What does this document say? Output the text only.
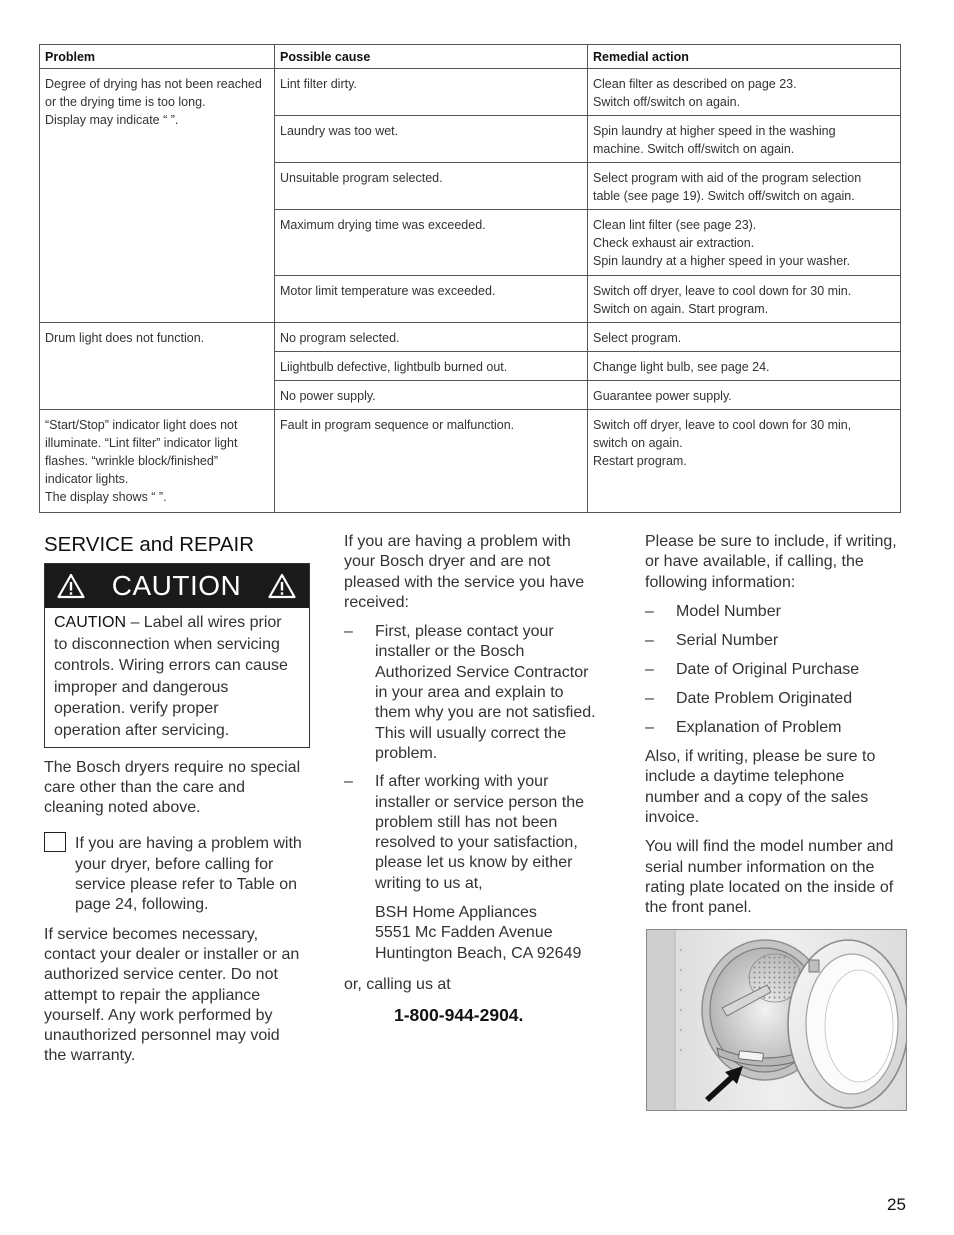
Problem	Possible cause	Remedial action

Degree of drying has not been reached
or the drying time is too long.
Display may indicate “ ”.	Lint filter dirty.	Clean filter as described on page 23.
Switch off/switch on again.

	Laundry was too wet.	Spin laundry at higher speed in the washing
machine. Switch off/switch on again.

	Unsuitable program selected.	Select program with aid of the program selection
table (see page 19). Switch off/switch on again.

	Maximum drying time was exceeded.	Clean lint filter (see page 23).
Check exhaust air extraction.
Spin laundry at a higher speed in your washer.

	Motor limit temperature was exceeded.	Switch off dryer, leave to cool down for 30 min.
Switch on again. Start program.

Drum light does not function.	No program selected.	Select program.

	Liightbulb defective, lightbulb burned out.	Change light bulb, see page 24.

	No power supply.	Guarantee power supply.

“Start/Stop” indicator light does not
illuminate. “Lint filter” indicator light
flashes. “wrinkle block/finished”
indicator lights.
The display shows “ ”.	Fault in program sequence or malfunction.	Switch off dryer, leave to cool down for 30 min,
switch on again.
Restart program.
SERVICE and REPAIR
CAUTION
CAUTION – Label all wires prior
to disconnection when servicing
controls. Wiring errors can cause
improper and dangerous
operation. verify proper
operation after servicing.
The Bosch dryers require no special
care other than the care and
cleaning noted above.
If you are having a problem with
your dryer, before calling for
service please refer to Table on
page 24, following.
If service becomes necessary,
contact your dealer or installer or an
authorized service center. Do not
attempt to repair the appliance
yourself. Any work performed by
unauthorized personnel may void
the warranty.
If you are having a problem with
your Bosch dryer and are not
pleased with the service you have
received:
– First, please contact your
installer or the Bosch
Authorized Service Contractor
in your area and explain to
them why you are not satisfied.
This will usually correct the
problem.
– If after working with your
installer or service person the
problem still has not been
resolved to your satisfaction,
please let us know by either
writing to us at,
BSH Home Appliances
5551 Mc Fadden Avenue
Huntington Beach, CA 92649
or, calling us at
1-800-944-2904.
Please be sure to include, if writing,
or have available, if calling, the
following information:
– Model Number
– Serial Number
– Date of Original Purchase
– Date Problem Originated
– Explanation of Problem
Also, if writing, please be sure to
include a daytime telephone
number and a copy of the sales
invoice.
You will find the model number and
serial number information on the
rating plate located on the inside of
the front panel.
25
